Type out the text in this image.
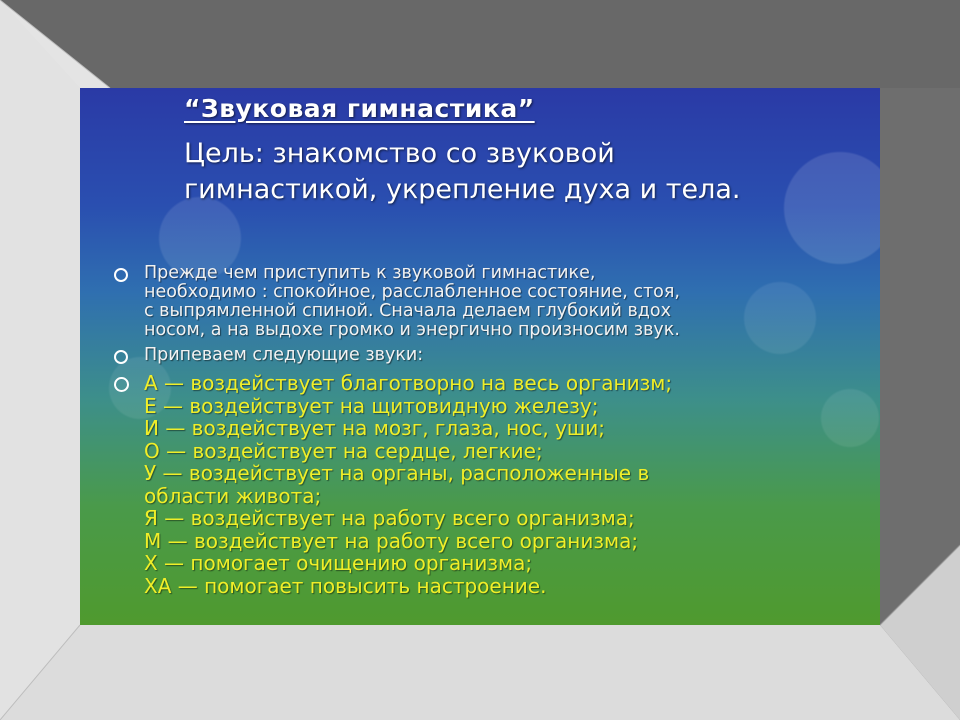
“Звуковая гимнастика”

Цель: знакомство со звуковой гимнастикой, укрепление духа и тела.

Прежде чем приступить к звуковой гимнастике,
необходимо : спокойное, расслабленное состояние, стоя,
с выпрямленной спиной. Сначала делаем глубокий вдох
носом, а на выдохе громко и энергично произносим звук.
Припеваем следующие звуки:
А — воздействует благотворно на весь организм;
Е — воздействует на щитовидную железу;
И — воздействует на мозг, глаза, нос, уши;
О — воздействует на сердце, легкие;
У — воздействует на органы, расположенные в
области живота;
Я — воздействует на работу всего организма;
М — воздействует на работу всего организма;
Х — помогает очищению организма;
ХА — помогает повысить настроение.
